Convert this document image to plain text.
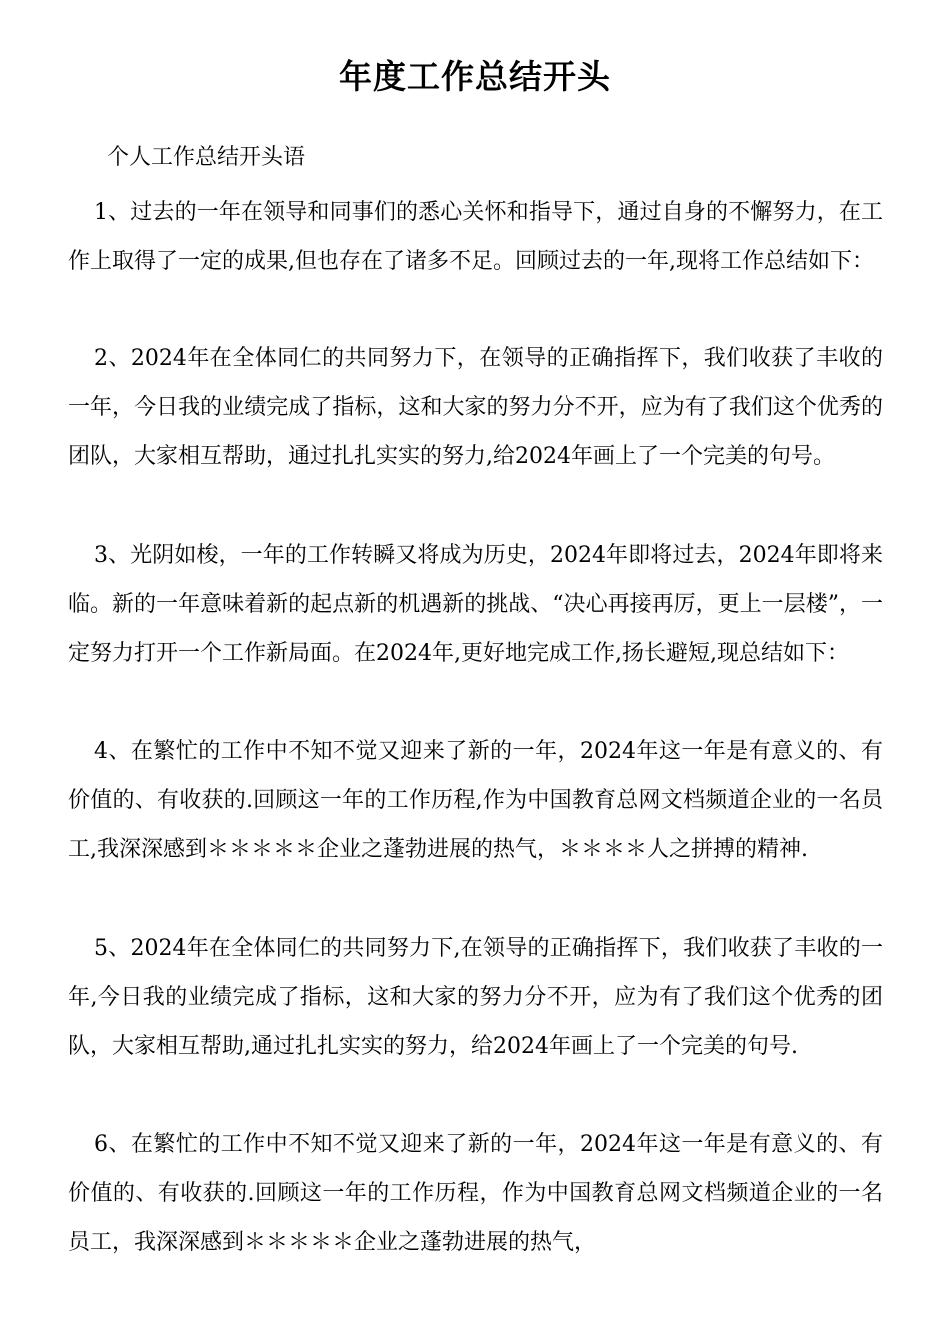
年度工作总结开头
个人工作总结开头语

1、过去的一年在领导和同事们的悉心关怀和指导下，通过自身的不懈努力，在工作上取得了一定的成果,但也存在了诸多不足。回顾过去的一年,现将工作总结如下：

2、2024年在全体同仁的共同努力下，在领导的正确指挥下，我们收获了丰收的一年，今日我的业绩完成了指标，这和大家的努力分不开，应为有了我们这个优秀的团队，大家相互帮助，通过扎扎实实的努力,给2024年画上了一个完美的句号。

3、光阴如梭，一年的工作转瞬又将成为历史，2024年即将过去，2024年即将来临。新的一年意味着新的起点新的机遇新的挑战、“决心再接再厉，更上一层楼”，一定努力打开一个工作新局面。在2024年,更好地完成工作,扬长避短,现总结如下：

4、在繁忙的工作中不知不觉又迎来了新的一年，2024年这一年是有意义的、有价值的、有收获的.回顾这一年的工作历程,作为中国教育总网文档频道企业的一名员工,我深深感到＊＊＊＊＊企业之蓬勃进展的热气，＊＊＊＊人之拼搏的精神.

5、2024年在全体同仁的共同努力下,在领导的正确指挥下，我们收获了丰收的一年,今日我的业绩完成了指标，这和大家的努力分不开，应为有了我们这个优秀的团队，大家相互帮助,通过扎扎实实的努力，给2024年画上了一个完美的句号.

6、在繁忙的工作中不知不觉又迎来了新的一年，2024年这一年是有意义的、有价值的、有收获的.回顾这一年的工作历程，作为中国教育总网文档频道企业的一名员工，我深深感到＊＊＊＊＊企业之蓬勃进展的热气，
